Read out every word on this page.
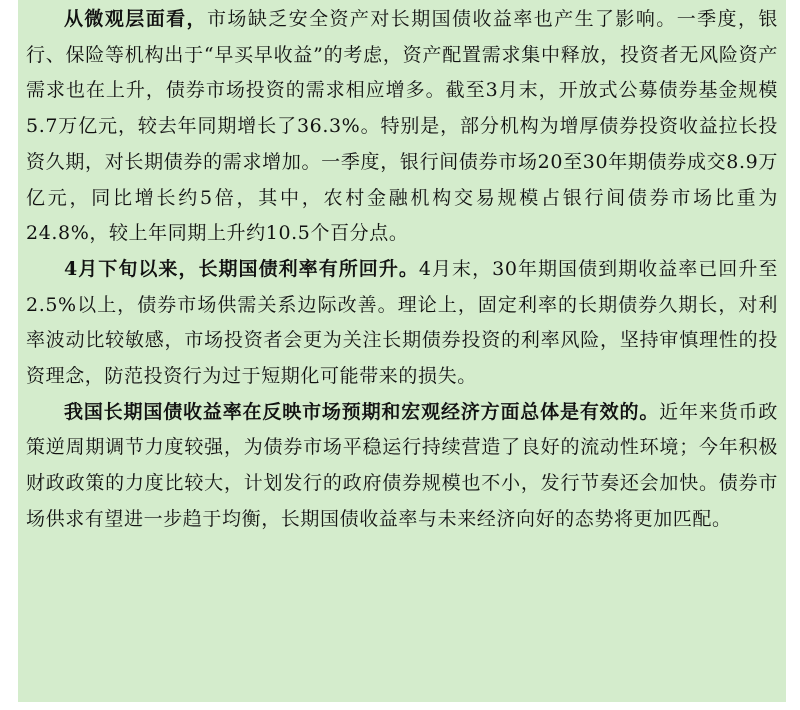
从微观层面看，市场缺乏安全资产对长期国债收益率也产生了影响。一季度，银行、保险等机构出于“早买早收益”的考虑，资产配置需求集中释放，投资者无风险资产需求也在上升，债券市场投资的需求相应增多。截至3月末，开放式公募债券基金规模5.7万亿元，较去年同期增长了36.3%。特别是，部分机构为增厚债券投资收益拉长投资久期，对长期债券的需求增加。一季度，银行间债券市场20至30年期债券成交8.9万亿元，同比增长约5倍，其中，农村金融机构交易规模占银行间债券市场比重为24.8%，较上年同期上升约10.5个百分点。

4月下旬以来，长期国债利率有所回升。4月末，30年期国债到期收益率已回升至2.5%以上，债券市场供需关系边际改善。理论上，固定利率的长期债券久期长，对利率波动比较敏感，市场投资者会更为关注长期债券投资的利率风险，坚持审慎理性的投资理念，防范投资行为过于短期化可能带来的损失。

我国长期国债收益率在反映市场预期和宏观经济方面总体是有效的。近年来货币政策逆周期调节力度较强，为债券市场平稳运行持续营造了良好的流动性环境；今年积极财政政策的力度比较大，计划发行的政府债券规模也不小，发行节奏还会加快。债券市场供求有望进一步趋于均衡，长期国债收益率与未来经济向好的态势将更加匹配。
